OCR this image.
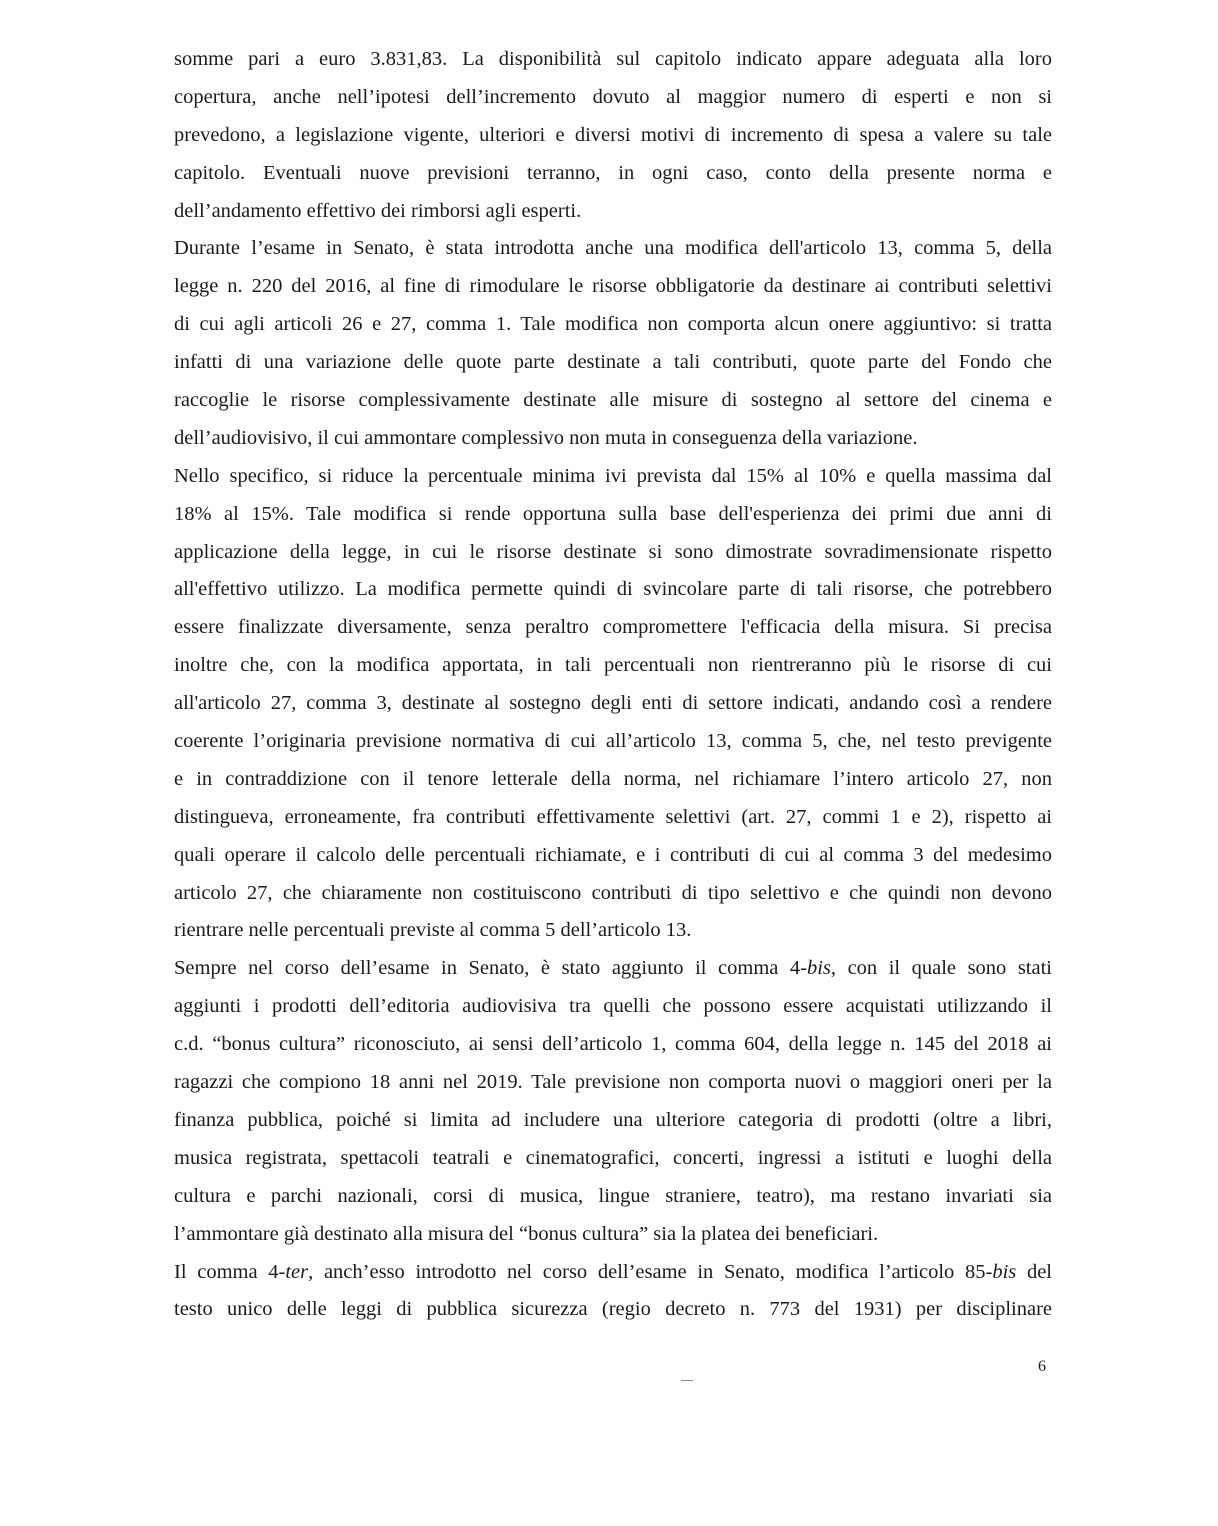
somme pari a euro 3.831,83. La disponibilità sul capitolo indicato appare adeguata alla loro
copertura, anche nell’ipotesi dell’incremento dovuto al maggior numero di esperti e non si
prevedono, a legislazione vigente, ulteriori e diversi motivi di incremento di spesa a valere su tale
capitolo. Eventuali nuove previsioni terranno, in ogni caso, conto della presente norma e
dell’andamento effettivo dei rimborsi agli esperti.
Durante l’esame in Senato, è stata introdotta anche una modifica dell'articolo 13, comma 5, della
legge n. 220 del 2016, al fine di rimodulare le risorse obbligatorie da destinare ai contributi selettivi
di cui agli articoli 26 e 27, comma 1. Tale modifica non comporta alcun onere aggiuntivo: si tratta
infatti di una variazione delle quote parte destinate a tali contributi, quote parte del Fondo che
raccoglie le risorse complessivamente destinate alle misure di sostegno al settore del cinema e
dell’audiovisivo, il cui ammontare complessivo non muta in conseguenza della variazione.
Nello specifico, si riduce la percentuale minima ivi prevista dal 15% al 10% e quella massima dal
18% al 15%. Tale modifica si rende opportuna sulla base dell'esperienza dei primi due anni di
applicazione della legge, in cui le risorse destinate si sono dimostrate sovradimensionate rispetto
all'effettivo utilizzo. La modifica permette quindi di svincolare parte di tali risorse, che potrebbero
essere finalizzate diversamente, senza peraltro compromettere l'efficacia della misura. Si precisa
inoltre che, con la modifica apportata, in tali percentuali non rientreranno più le risorse di cui
all'articolo 27, comma 3, destinate al sostegno degli enti di settore indicati, andando così a rendere
coerente l’originaria previsione normativa di cui all’articolo 13, comma 5, che, nel testo previgente
e in contraddizione con il tenore letterale della norma, nel richiamare l’intero articolo 27, non
distingueva, erroneamente, fra contributi effettivamente selettivi (art. 27, commi 1 e 2), rispetto ai
quali operare il calcolo delle percentuali richiamate, e i contributi di cui al comma 3 del medesimo
articolo 27, che chiaramente non costituiscono contributi di tipo selettivo e che quindi non devono
rientrare nelle percentuali previste al comma 5 dell’articolo 13.
Sempre nel corso dell’esame in Senato, è stato aggiunto il comma 4-bis, con il quale sono stati
aggiunti i prodotti dell’editoria audiovisiva tra quelli che possono essere acquistati utilizzando il
c.d. “bonus cultura” riconosciuto, ai sensi dell’articolo 1, comma 604, della legge n. 145 del 2018 ai
ragazzi che compiono 18 anni nel 2019. Tale previsione non comporta nuovi o maggiori oneri per la
finanza pubblica, poiché si limita ad includere una ulteriore categoria di prodotti (oltre a libri,
musica registrata, spettacoli teatrali e cinematografici, concerti, ingressi a istituti e luoghi della
cultura e parchi nazionali, corsi di musica, lingue straniere, teatro), ma restano invariati sia
l’ammontare già destinato alla misura del “bonus cultura” sia la platea dei beneficiari.
Il comma 4-ter, anch’esso introdotto nel corso dell’esame in Senato, modifica l’articolo 85-bis del
testo unico delle leggi di pubblica sicurezza (regio decreto n. 773 del 1931) per disciplinare
6
